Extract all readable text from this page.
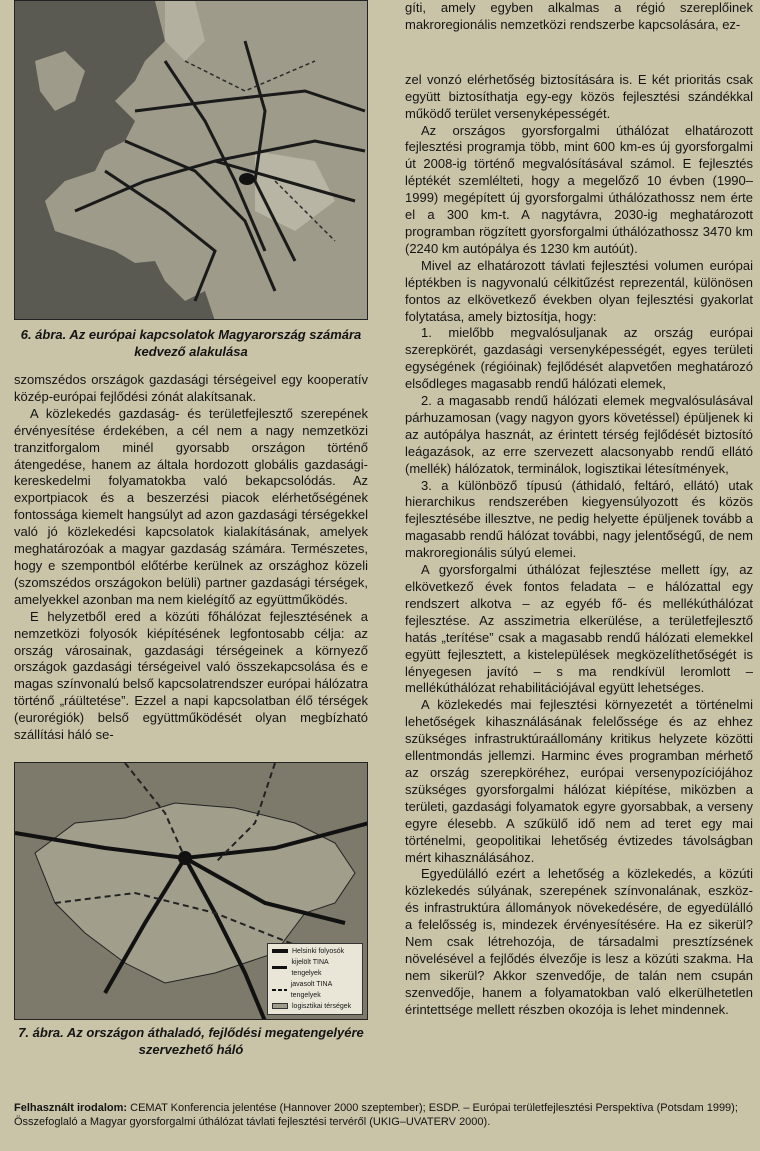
6. ábra. Az európai kapcsolatok Magyarország számára kedvező alakulása

szomszédos országok gazdasági térségeivel egy kooperatív közép-európai fejlődési zónát alakítsanak.

A közlekedés gazdaság- és területfejlesztő szerepének érvényesítése érdekében, a cél nem a nagy nemzetközi tranzitforgalom minél gyorsabb országon történő átengedése, hanem az általa hordozott globális gazdasági-kereskedelmi folyamatokba való bekapcsolódás. Az exportpiacok és a beszerzési piacok elérhetőségének fontossága kiemelt hangsúlyt ad azon gazdasági térségekkel való jó közlekedési kapcsolatok kialakításának, amelyek meghatározóak a magyar gazdaság számára. Természetes, hogy e szempontból előtérbe kerülnek az országhoz közeli (szomszédos országokon belüli) partner gazdasági térségek, amelyekkel azonban ma nem kielégítő az együttműködés.

E helyzetből ered a közúti főhálózat fejlesztésének a nemzetközi folyosók kiépítésének legfontosabb célja: az ország városainak, gazdasági térségeinek a környező országok gazdasági térségeivel való összekapcsolása és e magas színvonalú belső kapcsolatrendszer európai hálózatra történő „ráültetése”. Ezzel a napi kapcsolatban élő térségek (eurorégiók) belső együttműködését olyan megbízható szállítási háló se-

Helsinki folyosók
kijelölt TINA tengelyek
javasolt TINA tengelyek
logisztikai térségek
7. ábra. Az országon áthaladó, fejlődési megatengelyére szervezhető háló

gíti, amely egyben alkalmas a régió szereplőinek makroregionális nemzetközi rendszerbe kapcsolására, ez-

zel vonzó elérhetőség biztosítására is. E két prioritás csak együtt biztosíthatja egy-egy közös fejlesztési szándékkal működő terület versenyképességét.

Az országos gyorsforgalmi úthálózat elhatározott fejlesztési programja több, mint 600 km-es új gyorsforgalmi út 2008-ig történő megvalósításával számol. E fejlesztés léptékét szemlélteti, hogy a megelőző 10 évben (1990–1999) megépített új gyorsforgalmi úthálózathossz nem érte el a 300 km-t. A nagytávra, 2030-ig meghatározott programban rögzített gyorsforgalmi úthálózathossz 3470 km (2240 km autópálya és 1230 km autóút).

Mivel az elhatározott távlati fejlesztési volumen európai léptékben is nagyvonalú célkitűzést reprezentál, különösen fontos az elkövetkező években olyan fejlesztési gyakorlat folytatása, amely biztosítja, hogy:

1. mielőbb megvalósuljanak az ország európai szerepkörét, gazdasági versenyképességét, egyes területi egységének (régióinak) fejlődését alapvetően meghatározó elsődleges magasabb rendű hálózati elemek,

2. a magasabb rendű hálózati elemek megvalósulásával párhuzamosan (vagy nagyon gyors követéssel) épüljenek ki az autópálya hasznát, az érintett térség fejlődését biztosító leágazások, az erre szervezett alacsonyabb rendű ellátó (mellék) hálózatok, terminálok, logisztikai létesítmények,

3. a különböző típusú (áthidaló, feltáró, ellátó) utak hierarchikus rendszerében kiegyensúlyozott és közös fejlesztésébe illesztve, ne pedig helyette épüljenek tovább a magasabb rendű hálózat további, nagy jelentőségű, de nem makroregionális súlyú elemei.

A gyorsforgalmi úthálózat fejlesztése mellett így, az elkövetkező évek fontos feladata – e hálózattal egy rendszert alkotva – az egyéb fő- és mellékúthálózat fejlesztése. Az asszimetria elkerülése, a területfejlesztő hatás „terítése” csak a magasabb rendű hálózati elemekkel együtt fejlesztett, a kistelepülések megközelíthetőségét is lényegesen javító – s ma rendkívül leromlott – mellékúthálózat rehabilitációjával együtt lehetséges.

A közlekedés mai fejlesztési környezetét a történelmi lehetőségek kihasználásának felelőssége és az ehhez szükséges infrastruktúraállomány kritikus helyzete közötti ellentmondás jellemzi. Harminc éves programban mérhető az ország szerepköréhez, európai versenypozíciójához szükséges gyorsforgalmi hálózat kiépítése, miközben a területi, gazdasági folyamatok egyre gyorsabbak, a verseny egyre élesebb. A szűkülő idő nem ad teret egy mai történelmi, geopolitikai lehetőség évtizedes távolságban mért kihasználásához.

Egyedülálló ezért a lehetőség a közlekedés, a közúti közlekedés súlyának, szerepének színvonalának, eszköz- és infrastruktúra állományok növekedésére, de egyedülálló a felelősség is, mindezek érvényesítésére. Ha ez sikerül? Nem csak létrehozója, de társadalmi presztízsének növelésével a fejlődés élvezője is lesz a közúti szakma. Ha nem sikerül? Akkor szenvedője, de talán nem csupán szenvedője, hanem a folyamatokban való elkerülhetetlen érintettsége mellett részben okozója is lehet mindennek.

Felhasznált irodalom: CEMAT Konferencia jelentése (Hannover 2000 szeptember); ESDP. – Európai területfejlesztési Perspektíva (Potsdam 1999); Összefoglaló a Magyar gyorsforgalmi úthálózat távlati fejlesztési tervéről (UKIG–UVATERV 2000).
